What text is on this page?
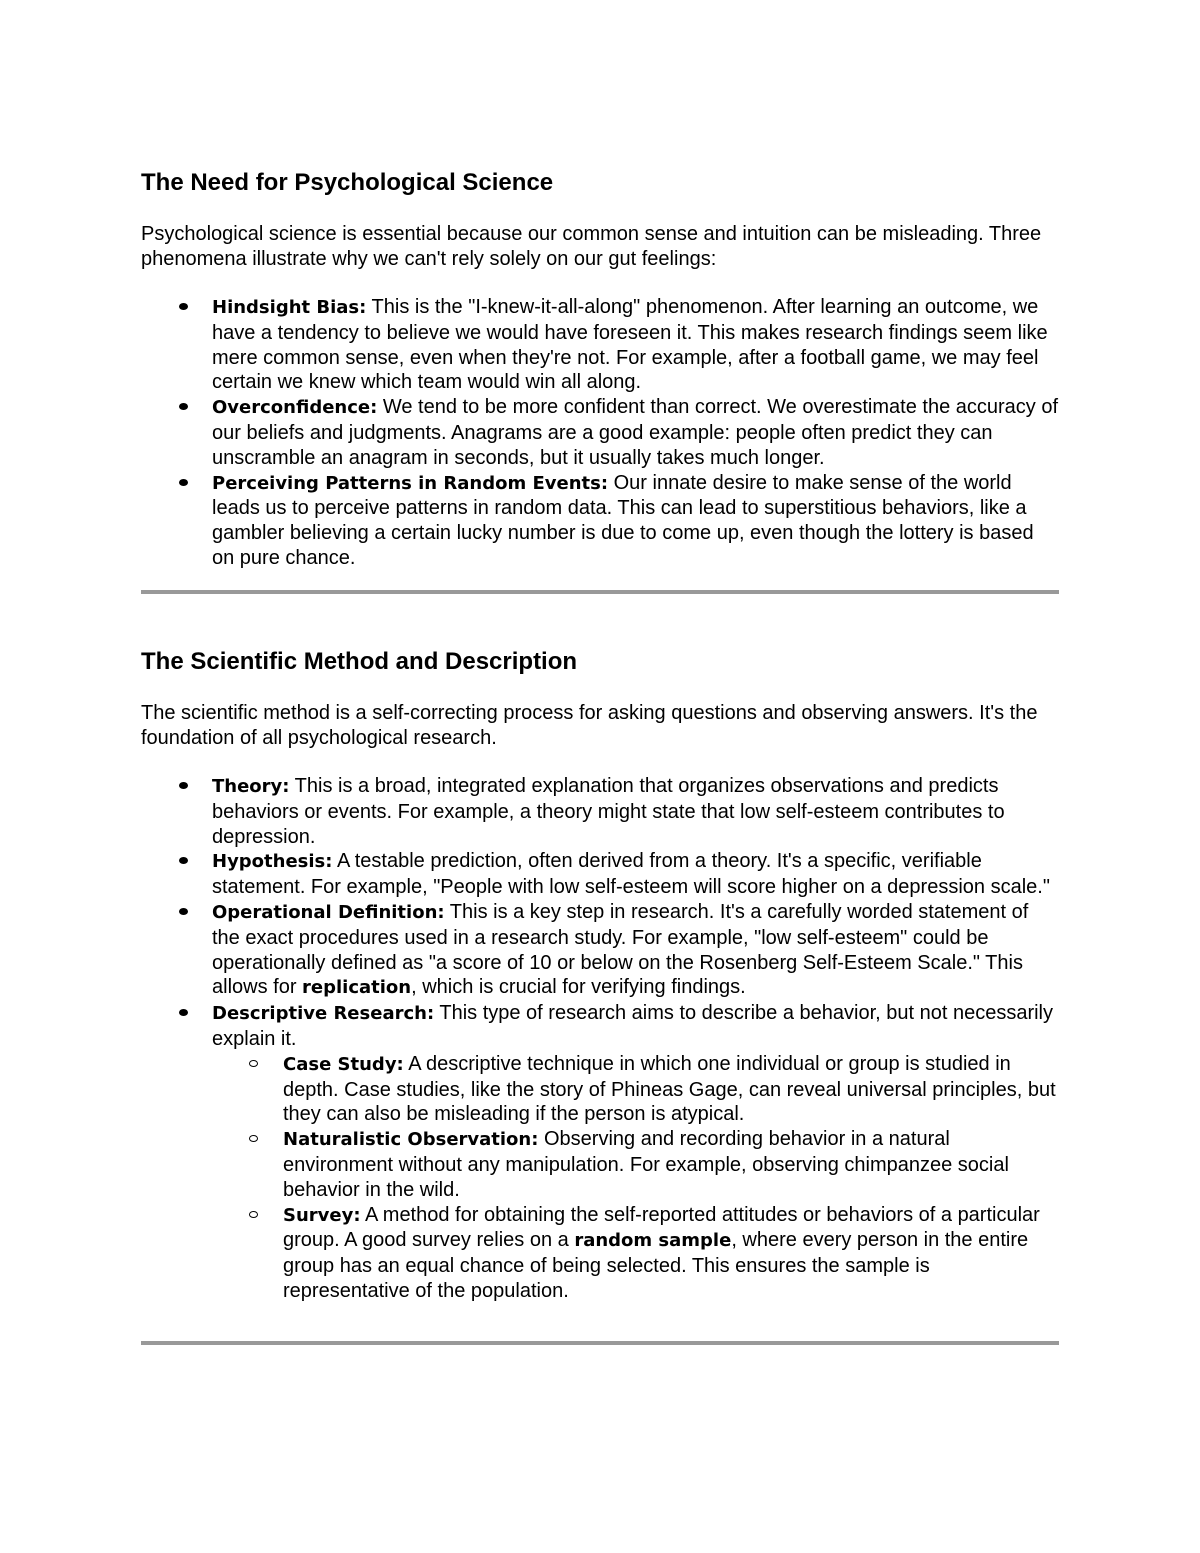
The Need for Psychological Science

Psychological science is essential because our common sense and intuition can be misleading. Three phenomena illustrate why we can't rely solely on our gut feelings:

Hindsight Bias: This is the "I-knew-it-all-along" phenomenon. After learning an outcome, we have a tendency to believe we would have foreseen it. This makes research findings seem like mere common sense, even when they're not. For example, after a football game, we may feel certain we knew which team would win all along.
Overconfidence: We tend to be more confident than correct. We overestimate the accuracy of our beliefs and judgments. Anagrams are a good example: people often predict they can unscramble an anagram in seconds, but it usually takes much longer.
Perceiving Patterns in Random Events: Our innate desire to make sense of the world leads us to perceive patterns in random data. This can lead to superstitious behaviors, like a gambler believing a certain lucky number is due to come up, even though the lottery is based on pure chance.
The Scientific Method and Description

The scientific method is a self-correcting process for asking questions and observing answers. It's the foundation of all psychological research.

Theory: This is a broad, integrated explanation that organizes observations and predicts behaviors or events. For example, a theory might state that low self-esteem contributes to depression.
Hypothesis: A testable prediction, often derived from a theory. It's a specific, verifiable statement. For example, "People with low self-esteem will score higher on a depression scale."
Operational Definition: This is a key step in research. It's a carefully worded statement of the exact procedures used in a research study. For example, "low self-esteem" could be operationally defined as "a score of 10 or below on the Rosenberg Self-Esteem Scale." This allows for replication, which is crucial for verifying findings.
Descriptive Research: This type of research aims to describe a behavior, but not necessarily explain it.
Case Study: A descriptive technique in which one individual or group is studied in depth. Case studies, like the story of Phineas Gage, can reveal universal principles, but they can also be misleading if the person is atypical.
Naturalistic Observation: Observing and recording behavior in a natural environment without any manipulation. For example, observing chimpanzee social behavior in the wild.
Survey: A method for obtaining the self-reported attitudes or behaviors of a particular group. A good survey relies on a random sample, where every person in the entire group has an equal chance of being selected. This ensures the sample is representative of the population.
